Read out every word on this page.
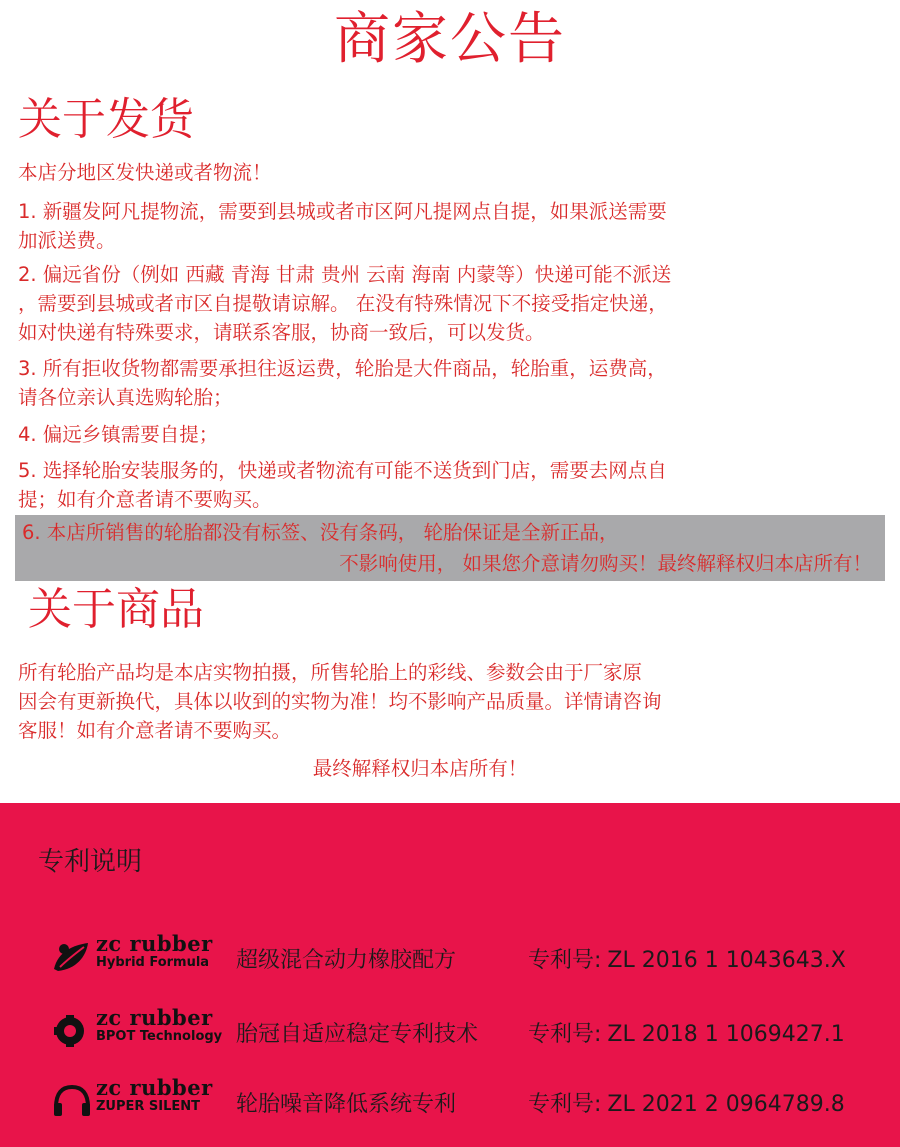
商家公告
关于发货
本店分地区发快递或者物流！
1. 新疆发阿凡提物流，需要到县城或者市区阿凡提网点自提，如果派送需要
加派送费。
2. 偏远省份（例如 西藏 青海 甘肃 贵州 云南 海南 内蒙等）快递可能不派送
，需要到县城或者市区自提敬请谅解。 在没有特殊情况下不接受指定快递，
如对快递有特殊要求，请联系客服，协商一致后，可以发货。
3. 所有拒收货物都需要承担往返运费，轮胎是大件商品，轮胎重，运费高，
请各位亲认真选购轮胎；
4. 偏远乡镇需要自提；
5. 选择轮胎安装服务的，快递或者物流有可能不送货到门店，需要去网点自
提；如有介意者请不要购买。
6. 本店所销售的轮胎都没有标签、没有条码， 轮胎保证是全新正品，
不影响使用， 如果您介意请勿购买！最终解释权归本店所有！
关于商品
所有轮胎产品均是本店实物拍摄，所售轮胎上的彩线、参数会由于厂家原
因会有更新换代，具体以收到的实物为准！均不影响产品质量。详情请咨询
客服！如有介意者请不要购买。
最终解释权归本店所有！
专利说明
zc rubber
Hybrid Formula 超级混合动力橡胶配方	专利号: ZL 2016 1 1043643.X
zc rubber
BPOT Technology 胎冠自适应稳定专利技术 专利号: ZL 2018 1 1069427.1
zc rubber
ZUPER SILENT 轮胎噪音降低系统专利	专利号: ZL 2021 2 0964789.8
